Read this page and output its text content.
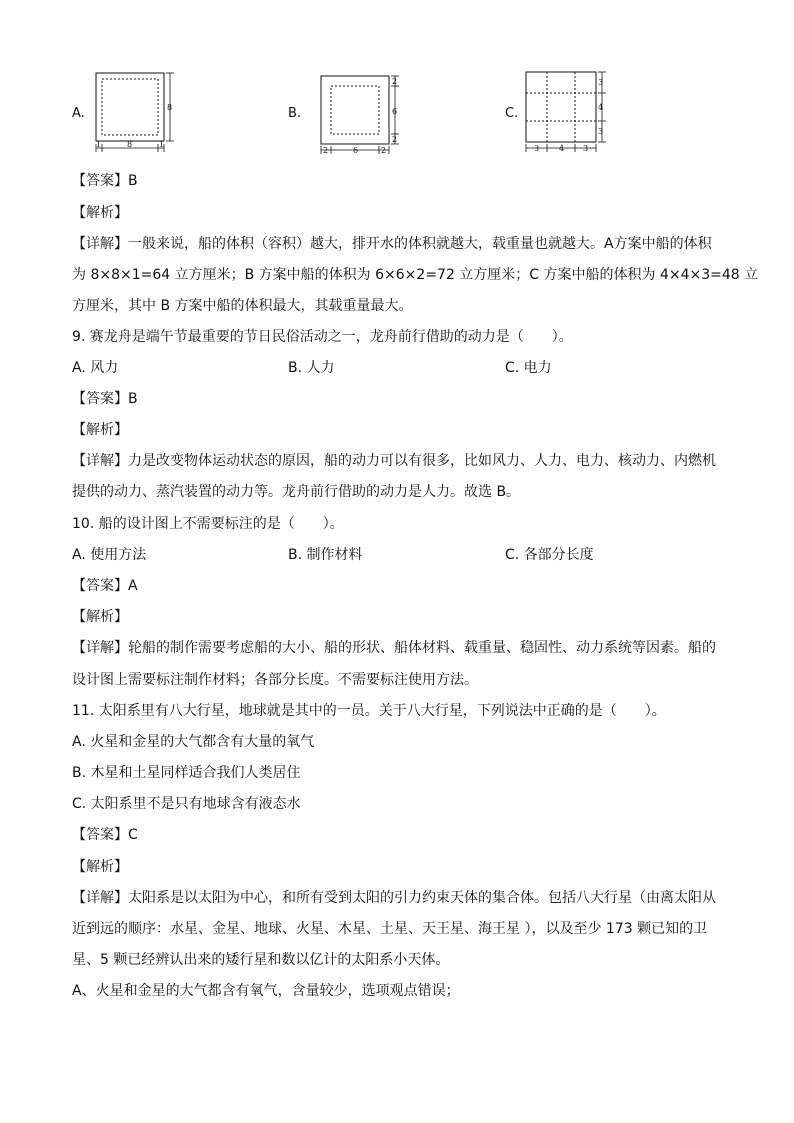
A.	8
1	8	1
B.
2
6
2
2	6	2
C.
3
4
3
3 4 3
【答案】B
【解析】
【详解】一般来说，船的体积（容积）越大，排开水的体积就越大，载重量也就越大。A方案中船的体积
为 8×8×1=64 立方厘米；B 方案中船的体积为 6×6×2=72 立方厘米；C 方案中船的体积为 4×4×3=48 立
方厘米，其中 B 方案中船的体积最大，其载重量最大。
9. 赛龙舟是端午节最重要的节日民俗活动之一，龙舟前行借助的动力是（　　）。
A. 风力	B. 人力	C. 电力
【答案】B
【解析】
【详解】力是改变物体运动状态的原因，船的动力可以有很多，比如风力、人力、电力、核动力、内燃机
提供的动力、蒸汽装置的动力等。龙舟前行借助的动力是人力。故选 B。
10. 船的设计图上不需要标注的是（　　）。
A. 使用方法	B. 制作材料	C. 各部分长度
【答案】A
【解析】
【详解】轮船的制作需要考虑船的大小、船的形状、船体材料、载重量、稳固性、动力系统等因素。船的
设计图上需要标注制作材料；各部分长度。不需要标注使用方法。
11. 太阳系里有八大行星，地球就是其中的一员。关于八大行星，下列说法中正确的是（　　）。
A. 火星和金星的大气都含有大量的氧气
B. 木星和土星同样适合我们人类居住
C. 太阳系里不是只有地球含有液态水
【答案】C
【解析】
【详解】太阳系是以太阳为中心，和所有受到太阳的引力约束天体的集合体。包括八大行星（由离太阳从
近到远的顺序：水星、金星、地球、火星、木星、土星、天王星、海王星 ），以及至少 173 颗已知的卫
星、5 颗已经辨认出来的矮行星和数以亿计的太阳系小天体。
A、火星和金星的大气都含有氧气，含量较少，选项观点错误；
